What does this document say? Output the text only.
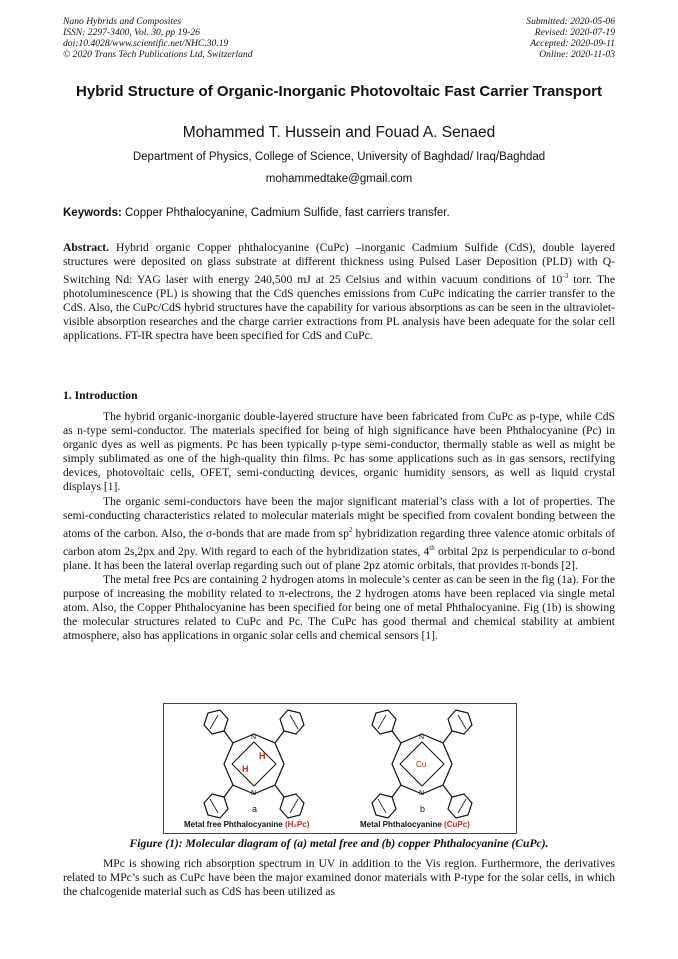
Nano Hybrids and Composites
ISSN: 2297-3400, Vol. 30, pp 19-26
doi:10.4028/www.scientific.net/NHC.30.19
© 2020 Trans Tech Publications Ltd, Switzerland
Submitted: 2020-05-06
Revised: 2020-07-19
Accepted: 2020-09-11
Online: 2020-11-03
Hybrid Structure of Organic-Inorganic Photovoltaic Fast Carrier Transport
Mohammed T. Hussein and Fouad A. Senaed
Department of Physics, College of Science, University of Baghdad/ Iraq/Baghdad
mohammedtake@gmail.com
Keywords: Copper Phthalocyanine, Cadmium Sulfide, fast carriers transfer.
Abstract. Hybrid organic Copper phthalocyanine (CuPc) –inorganic Cadmium Sulfide (CdS), double layered structures were deposited on glass substrate at different thickness using Pulsed Laser Deposition (PLD) with Q-Switching Nd: YAG laser with energy 240,500 mJ at 25 Celsius and within vacuum conditions of $10^{-3}$ torr. The photoluminescence (PL) is showing that the CdS quenches emissions from CuPc indicating the carrier transfer to the CdS. Also, the CuPc/CdS hybrid structures have the capability for various absorptions as can be seen in the ultraviolet-visible absorption researches and the charge carrier extractions from PL analysis have been adequate for the solar cell applications. FT-IR spectra have been specified for CdS and CuPc.
1. Introduction

The hybrid organic-inorganic double-layered structure have been fabricated from CuPc as p-type, while CdS as n-type semi-conductor. The materials specified for being of high significance have been Phthalocyanine (Pc) in organic dyes as well as pigments. Pc has been typically p-type semi-conductor, thermally stable as well as might be simply sublimated as one of the high-quality thin films. Pc has some applications such as in gas sensors, rectifying devices, photovoltaic cells, OFET, semi-conducting devices, organic humidity sensors, as well as liquid crystal displays [1].

The organic semi-conductors have been the major significant material’s class with a lot of properties. The semi-conducting characteristics related to molecular materials might be specified from covalent bonding between the atoms of the carbon. Also, the σ-bonds that are made from $sp^2$ hybridization regarding three valence atomic orbitals of carbon atom 2s,2px and 2py. With regard to each of the hybridization states, 4th orbital 2pz is perpendicular to σ-bond plane. It has been the lateral overlap regarding such out of plane 2pz atomic orbitals, that provides π-bonds [2].

The metal free Pcs are containing 2 hydrogen atoms in molecule’s center as can be seen in the fig (1a). For the purpose of increasing the mobility related to π-electrons, the 2 hydrogen atoms have been replaced via single metal atom. Also, the Copper Phthalocyanine has been specified for being one of metal Phthalocyanine. Fig (1b) is showing the molecular structures related to CuPc and Pc. The CuPc has good thermal and chemical stability at ambient atmosphere, also has applications in organic solar cells and chemical sensors [1].

N
N
H
H
a
N
N
Cu
b
Metal free Phthalocyanine (H₂Pc)	Metal Phthalocyanine (CuPc)
Figure (1): Molecular diagram of (a) metal free and (b) copper Phthalocyanine (CuPc).

MPc is showing rich absorption spectrum in UV in addition to the Vis region. Furthermore, the derivatives related to MPc’s such as CuPc have been the major examined donor materials with P-type for the solar cells, in which the chalcogenide material such as CdS has been utilized as
